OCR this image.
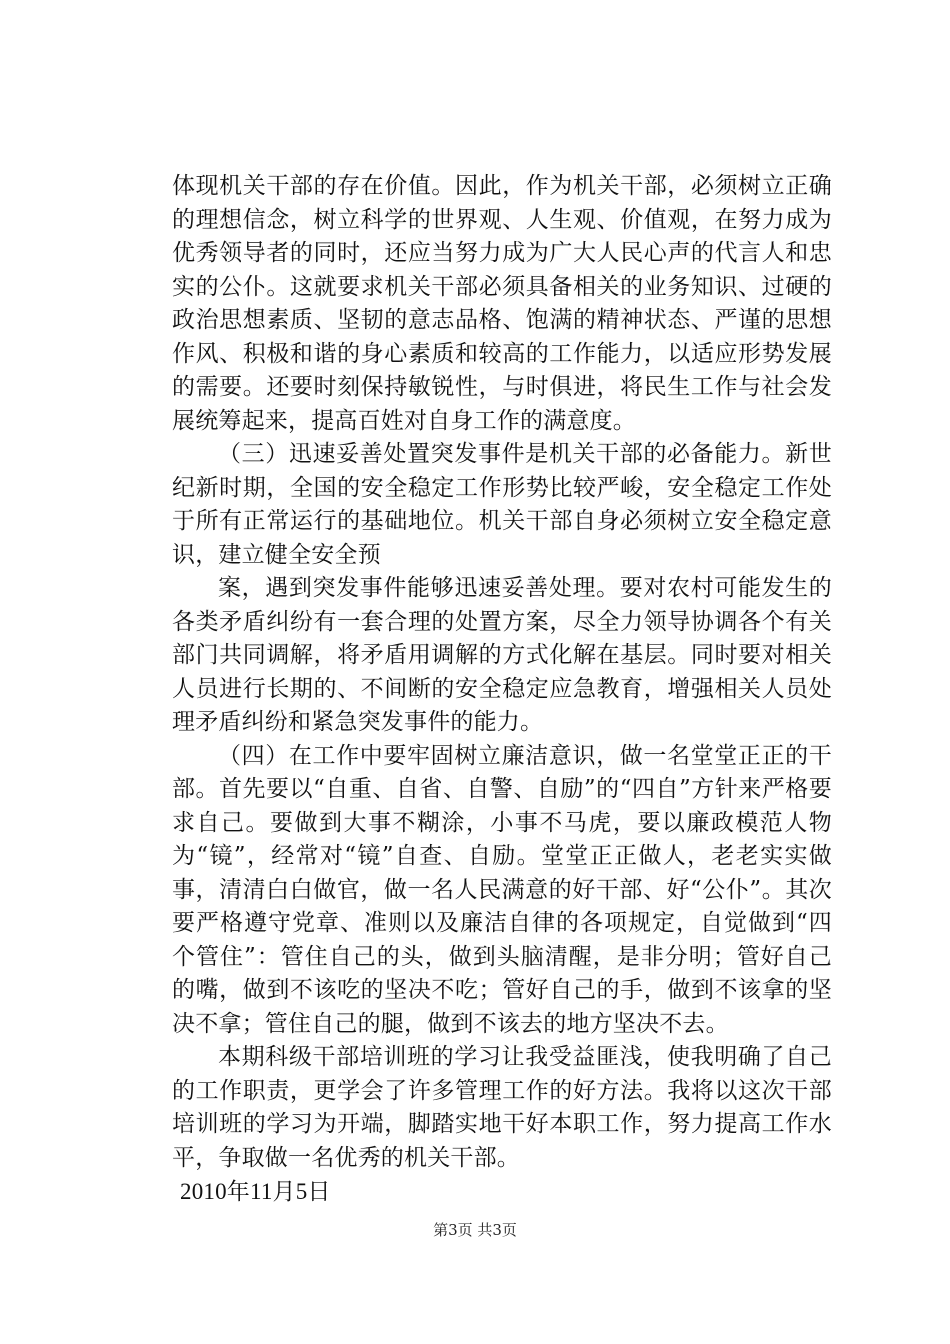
体现机关干部的存在价值。因此，作为机关干部，必须树立正确的理想信念，树立科学的世界观、人生观、价值观，在努力成为优秀领导者的同时，还应当努力成为广大人民心声的代言人和忠实的公仆。这就要求机关干部必须具备相关的业务知识、过硬的政治思想素质、坚韧的意志品格、饱满的精神状态、严谨的思想作风、积极和谐的身心素质和较高的工作能力，以适应形势发展的需要。还要时刻保持敏锐性，与时俱进，将民生工作与社会发展统筹起来，提高百姓对自身工作的满意度。

（三）迅速妥善处置突发事件是机关干部的必备能力。新世纪新时期，全国的安全稳定工作形势比较严峻，安全稳定工作处于所有正常运行的基础地位。机关干部自身必须树立安全稳定意识，建立健全安全预

案，遇到突发事件能够迅速妥善处理。要对农村可能发生的各类矛盾纠纷有一套合理的处置方案，尽全力领导协调各个有关部门共同调解，将矛盾用调解的方式化解在基层。同时要对相关人员进行长期的、不间断的安全稳定应急教育，增强相关人员处理矛盾纠纷和紧急突发事件的能力。

（四）在工作中要牢固树立廉洁意识，做一名堂堂正正的干部。首先要以“自重、自省、自警、自励”的“四自”方针来严格要求自己。要做到大事不糊涂，小事不马虎，要以廉政模范人物为“镜”，经常对“镜”自查、自励。堂堂正正做人，老老实实做事，清清白白做官，做一名人民满意的好干部、好“公仆”。其次要严格遵守党章、准则以及廉洁自律的各项规定，自觉做到“四个管住”：管住自己的头，做到头脑清醒，是非分明；管好自己的嘴，做到不该吃的坚决不吃；管好自己的手，做到不该拿的坚决不拿；管住自己的腿，做到不该去的地方坚决不去。

本期科级干部培训班的学习让我受益匪浅，使我明确了自己的工作职责，更学会了许多管理工作的好方法。我将以这次干部培训班的学习为开端，脚踏实地干好本职工作，努力提高工作水平，争取做一名优秀的机关干部。

2010年11月5日

第3页 共3页
